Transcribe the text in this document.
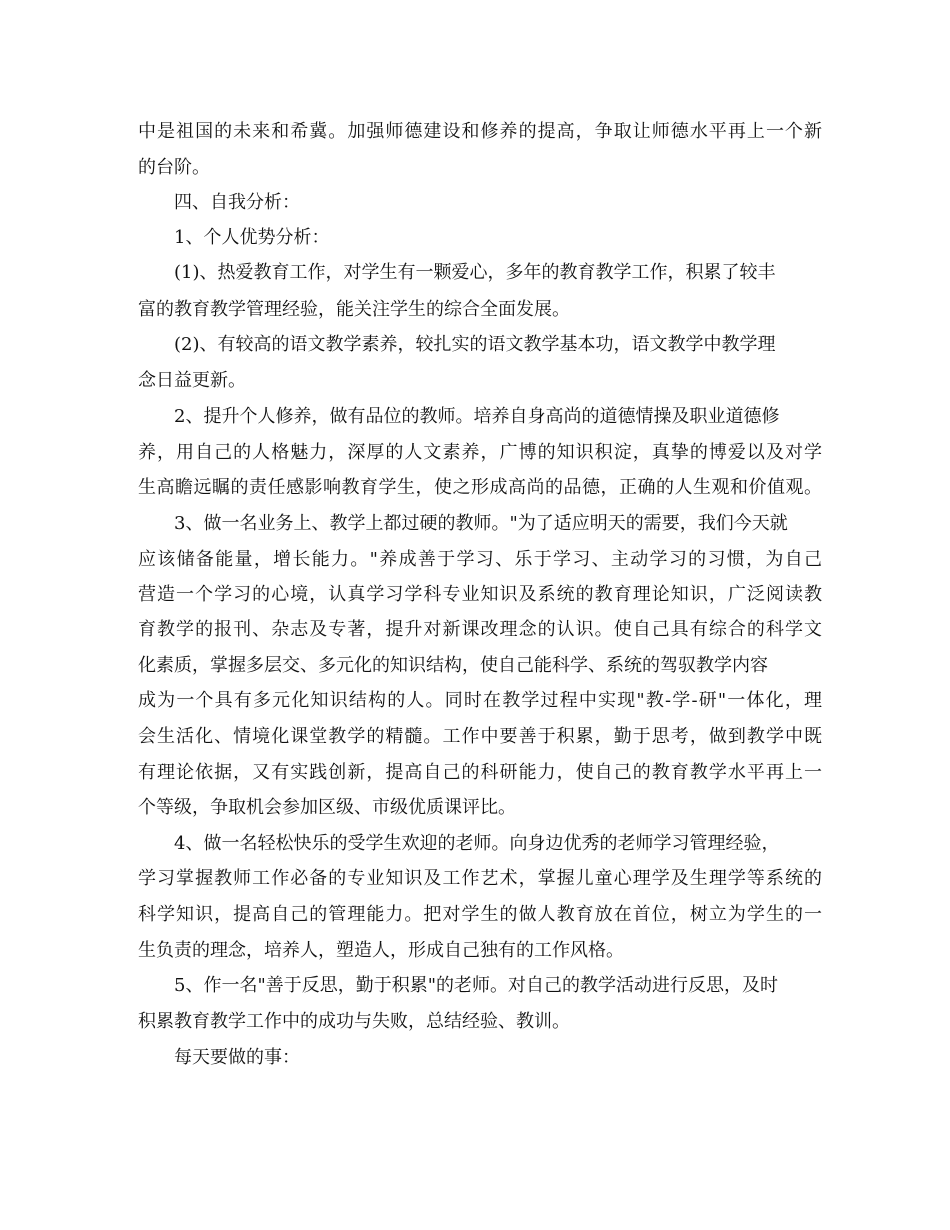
中是祖国的未来和希冀。加强师德建设和修养的提高，争取让师德水平再上一个新
的台阶。
四、自我分析：
1、个人优势分析：
(1)、热爱教育工作，对学生有一颗爱心，多年的教育教学工作，积累了较丰
富的教育教学管理经验，能关注学生的综合全面发展。
(2)、有较高的语文教学素养，较扎实的语文教学基本功，语文教学中教学理
念日益更新。
2、提升个人修养，做有品位的教师。培养自身高尚的道德情操及职业道德修
养，用自己的人格魅力，深厚的人文素养，广博的知识积淀，真挚的博爱以及对学
生高瞻远瞩的责任感影响教育学生，使之形成高尚的品德，正确的人生观和价值观。
3、做一名业务上、教学上都过硬的教师。"为了适应明天的需要，我们今天就
应该储备能量，增长能力。"养成善于学习、乐于学习、主动学习的习惯，为自己
营造一个学习的心境，认真学习学科专业知识及系统的教育理论知识，广泛阅读教
育教学的报刊、杂志及专著，提升对新课改理念的认识。使自己具有综合的科学文
化素质，掌握多层交、多元化的知识结构，使自己能科学、系统的驾驭教学内容
成为一个具有多元化知识结构的人。同时在教学过程中实现"教-学-研"一体化，理
会生活化、情境化课堂教学的精髓。工作中要善于积累，勤于思考，做到教学中既
有理论依据，又有实践创新，提高自己的科研能力，使自己的教育教学水平再上一
个等级，争取机会参加区级、市级优质课评比。
4、做一名轻松快乐的受学生欢迎的老师。向身边优秀的老师学习管理经验，
学习掌握教师工作必备的专业知识及工作艺术，掌握儿童心理学及生理学等系统的
科学知识，提高自己的管理能力。把对学生的做人教育放在首位，树立为学生的一
生负责的理念，培养人，塑造人，形成自己独有的工作风格。
5、作一名"善于反思，勤于积累"的老师。对自己的教学活动进行反思，及时
积累教育教学工作中的成功与失败，总结经验、教训。
每天要做的事：
